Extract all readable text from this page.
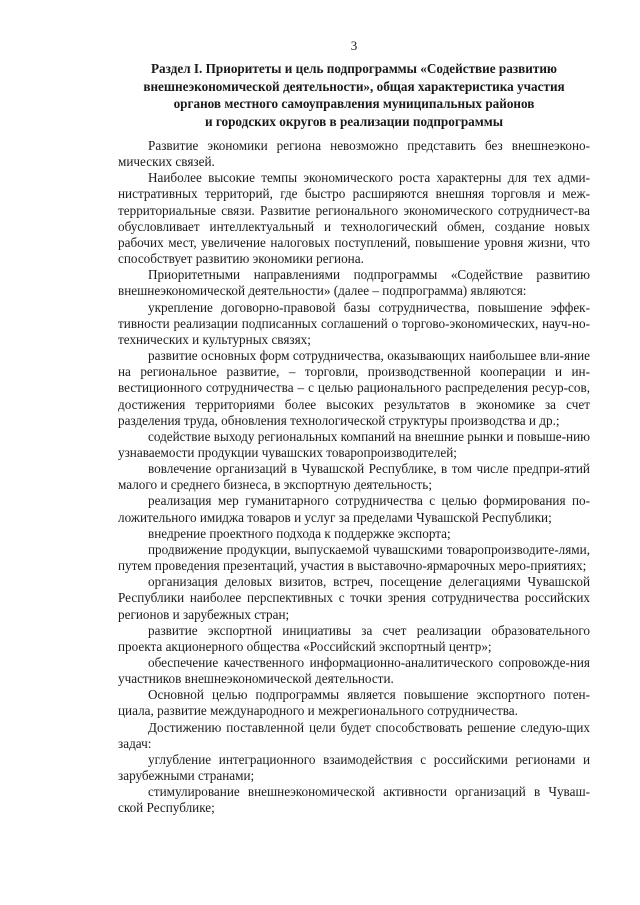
3
Раздел I. Приоритеты и цель подпрограммы «Содействие развитию
внешнеэкономической деятельности», общая характеристика участия
органов местного самоуправления муниципальных районов
и городских округов в реализации подпрограммы

Развитие экономики региона невозможно представить без внешнеэконо-мических связей.

Наиболее высокие темпы экономического роста характерны для тех адми-нистративных территорий, где быстро расширяются внешняя торговля и меж-территориальные связи. Развитие регионального экономического сотрудничест-ва обусловливает интеллектуальный и технологический обмен, создание новых рабочих мест, увеличение налоговых поступлений, повышение уровня жизни, что способствует развитию экономики региона.

Приоритетными направлениями подпрограммы «Содействие развитию внешнеэкономической деятельности» (далее – подпрограмма) являются:

укрепление договорно-правовой базы сотрудничества, повышение эффек-тивности реализации подписанных соглашений о торгово-экономических, науч-но-технических и культурных связях;

развитие основных форм сотрудничества, оказывающих наибольшее вли-яние на региональное развитие, – торговли, производственной кооперации и ин-вестиционного сотрудничества – с целью рационального распределения ресур-сов, достижения территориями более высоких результатов в экономике за счет разделения труда, обновления технологической структуры производства и др.;

содействие выходу региональных компаний на внешние рынки и повыше-нию узнаваемости продукции чувашских товаропроизводителей;

вовлечение организаций в Чувашской Республике, в том числе предпри-ятий малого и среднего бизнеса, в экспортную деятельность;

реализация мер гуманитарного сотрудничества с целью формирования по-ложительного имиджа товаров и услуг за пределами Чувашской Республики;

внедрение проектного подхода к поддержке экспорта;

продвижение продукции, выпускаемой чувашскими товаропроизводите-лями, путем проведения презентаций, участия в выставочно-ярмарочных меро-приятиях;

организация деловых визитов, встреч, посещение делегациями Чувашской Республики наиболее перспективных с точки зрения сотрудничества российских регионов и зарубежных стран;

развитие экспортной инициативы за счет реализации образовательного проекта акционерного общества «Российский экспортный центр»;

обеспечение качественного информационно-аналитического сопровожде-ния участников внешнеэкономической деятельности.

Основной целью подпрограммы является повышение экспортного потен-циала, развитие международного и межрегионального сотрудничества.

Достижению поставленной цели будет способствовать решение следую-щих задач:

углубление интеграционного взаимодействия с российскими регионами и зарубежными странами;

стимулирование внешнеэкономической активности организаций в Чуваш-ской Республике;
